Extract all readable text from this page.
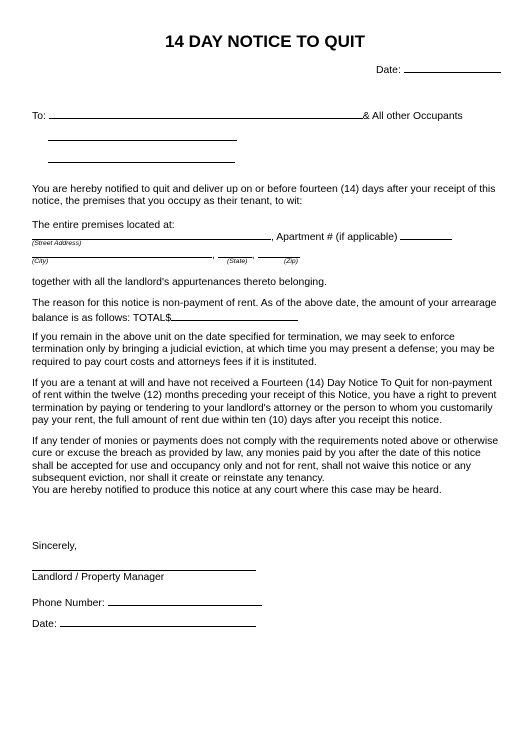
14 DAY NOTICE TO QUIT
Date:
To:	& All other Occupants

You are hereby notified to quit and deliver up on or before fourteen (14) days after your receipt of this notice, the premises that you occupy as their tenant, to wit:

The entire premises located at:
, Apartment # (if applicable)
(Street Address)
,	,
(City)	(State)	(Zip)

together with all the landlord's appurtenances thereto belonging.

The reason for this notice is non-payment of rent. As of the above date, the amount of your arrearage balance is as follows: TOTAL$

If you remain in the above unit on the date specified for termination, we may seek to enforce termination only by bringing a judicial eviction, at which time you may present a defense; you may be required to pay court costs and attorneys fees if it is instituted.

If you are a tenant at will and have not received a Fourteen (14) Day Notice To Quit for non-payment of rent within the twelve (12) months preceding your receipt of this Notice, you have a right to prevent termination by paying or tendering to your landlord's attorney or the person to whom you customarily pay your rent, the full amount of rent due within ten (10) days after you receipt this notice.

If any tender of monies or payments does not comply with the requirements noted above or otherwise cure or excuse the breach as provided by law, any monies paid by you after the date of this notice shall be accepted for use and occupancy only and not for rent, shall not waive this notice or any subsequent eviction, nor shall it create or reinstate any tenancy.

You are hereby notified to produce this notice at any court where this case may be heard.

Sincerely,
Landlord / Property Manager
Phone Number:
Date:
